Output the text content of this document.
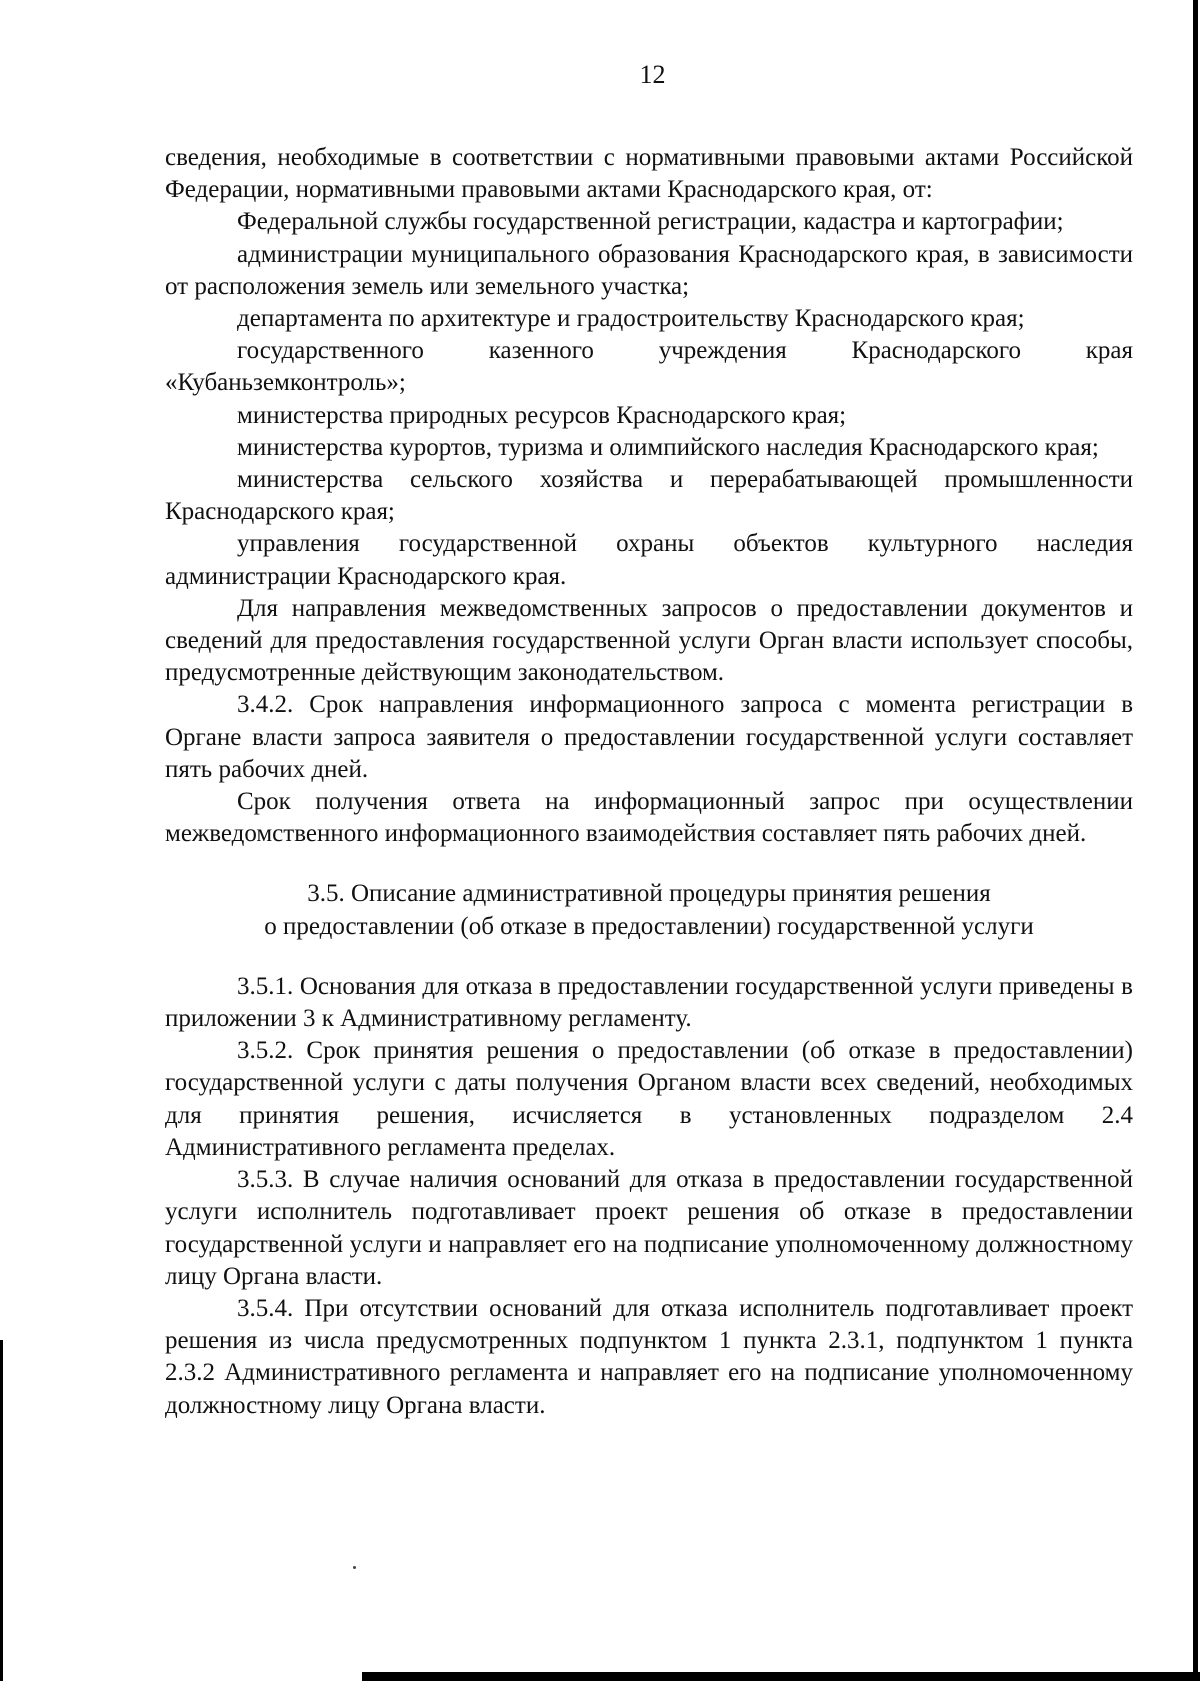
12

сведения, необходимые в соответствии с нормативными правовыми актами Российской Федерации, нормативными правовыми актами Краснодарского края, от:

Федеральной службы государственной регистрации, кадастра и картографии;

администрации муниципального образования Краснодарского края, в зависимости от расположения земель или земельного участка;

департамента по архитектуре и градостроительству Краснодарского края;

государственного казенного учреждения Краснодарского края «Кубаньземконтроль»;

министерства природных ресурсов Краснодарского края;

министерства курортов, туризма и олимпийского наследия Краснодарского края;

министерства сельского хозяйства и перерабатывающей промышленности Краснодарского края;

управления государственной охраны объектов культурного наследия администрации Краснодарского края.

Для направления межведомственных запросов о предоставлении документов и сведений для предоставления государственной услуги Орган власти использует способы, предусмотренные действующим законодательством.

3.4.2. Срок направления информационного запроса с момента регистрации в Органе власти запроса заявителя о предоставлении государственной услуги составляет пять рабочих дней.

Срок получения ответа на информационный запрос при осуществлении межведомственного информационного взаимодействия составляет пять рабочих дней.

3.5. Описание административной процедуры принятия решения
о предоставлении (об отказе в предоставлении) государственной услуги

3.5.1. Основания для отказа в предоставлении государственной услуги приведены в приложении 3 к Административному регламенту.

3.5.2. Срок принятия решения о предоставлении (об отказе в предоставлении) государственной услуги с даты получения Органом власти всех сведений, необходимых для принятия решения, исчисляется в установленных подразделом 2.4 Административного регламента пределах.

3.5.3. В случае наличия оснований для отказа в предоставлении государственной услуги исполнитель подготавливает проект решения об отказе в предоставлении государственной услуги и направляет его на подписание уполномоченному должностному лицу Органа власти.

3.5.4. При отсутствии оснований для отказа исполнитель подготавливает проект решения из числа предусмотренных подпунктом 1 пункта 2.3.1, подпунктом 1 пункта 2.3.2 Административного регламента и направляет его на подписание уполномоченному должностному лицу Органа власти.
